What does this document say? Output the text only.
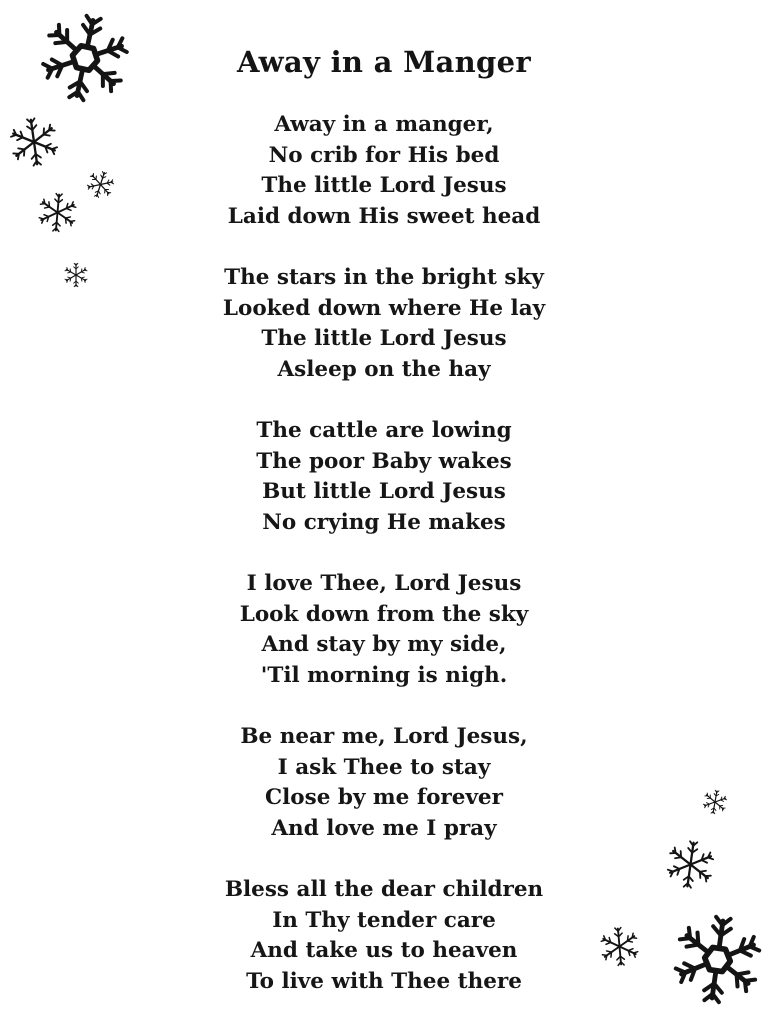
Away in a Manger
Away in a manger,
No crib for His bed
The little Lord Jesus
Laid down His sweet head
The stars in the bright sky
Looked down where He lay
The little Lord Jesus
Asleep on the hay
The cattle are lowing
The poor Baby wakes
But little Lord Jesus
No crying He makes
I love Thee, Lord Jesus
Look down from the sky
And stay by my side,
'Til morning is nigh.
Be near me, Lord Jesus,
I ask Thee to stay
Close by me forever
And love me I pray
Bless all the dear children
In Thy tender care
And take us to heaven
To live with Thee there
